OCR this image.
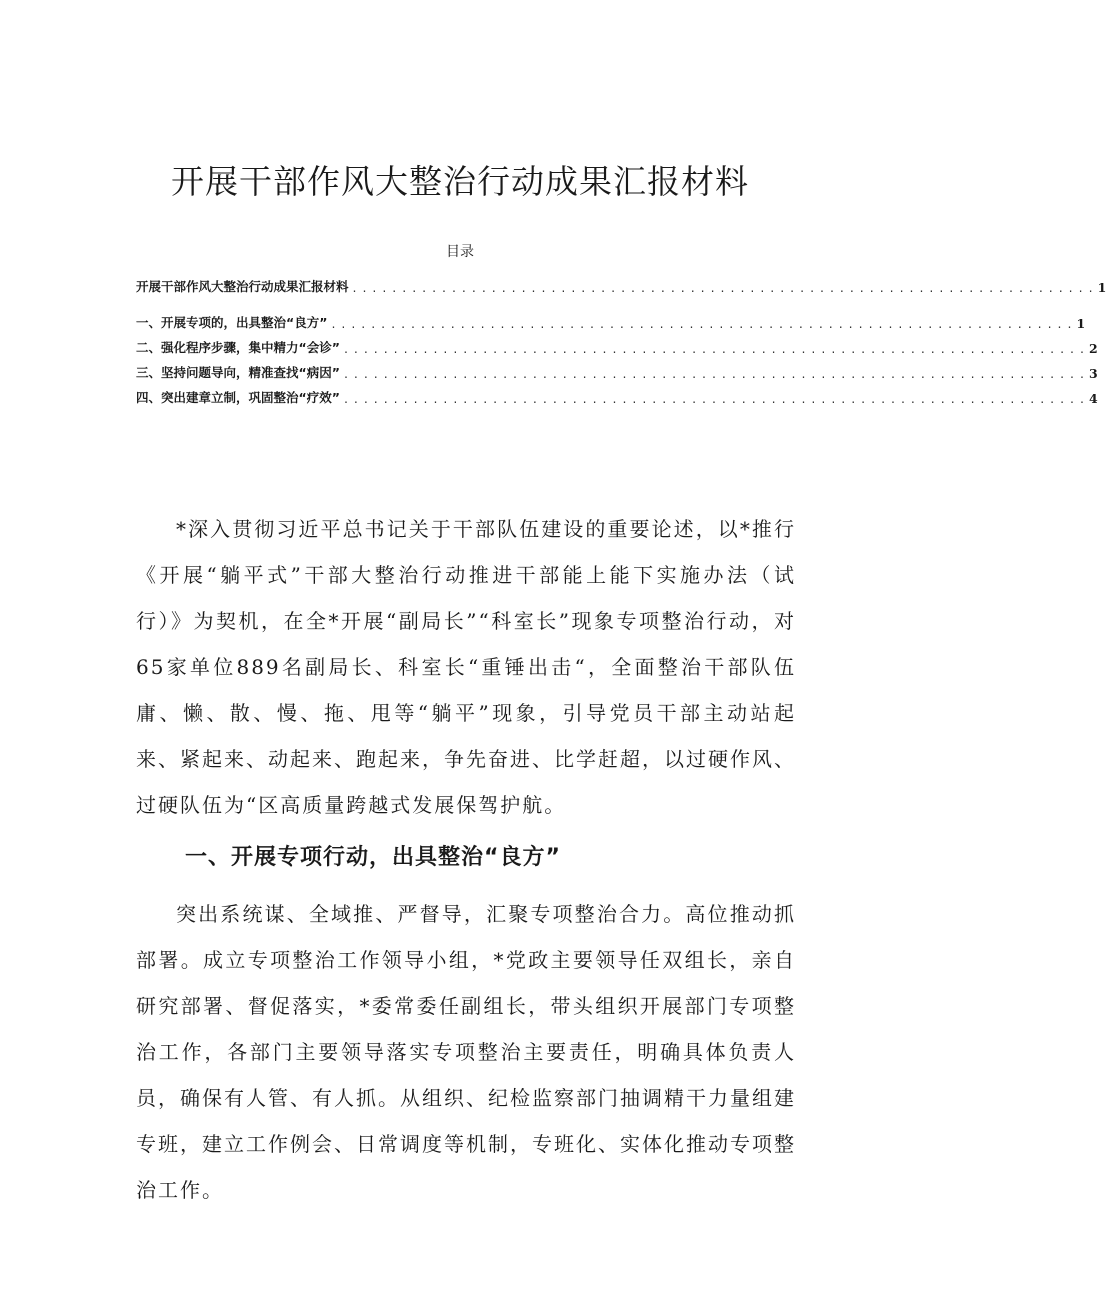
开展干部作风大整治行动成果汇报材料
目录
开展干部作风大整治行动成果汇报材料 . . . . . . . . . . . . . . . . . . . . . . . . . . . . . . . . . . . . . . . . . . . . . . . . . . . . . . . . . . . . . . . . . . . . . . . . . . . 1
一、开展专项的，出具整治“良方” . . . . . . . . . . . . . . . . . . . . . . . . . . . . . . . . . . . . . . . . . . . . . . . . . . . . . . . . . . . . . . . . . . . . . . . . . . . 1
二、强化程序步骤，集中精力“会诊” . . . . . . . . . . . . . . . . . . . . . . . . . . . . . . . . . . . . . . . . . . . . . . . . . . . . . . . . . . . . . . . . . . . . . . . . . . . 2
三、坚持问题导向，精准查找“病因” . . . . . . . . . . . . . . . . . . . . . . . . . . . . . . . . . . . . . . . . . . . . . . . . . . . . . . . . . . . . . . . . . . . . . . . . . . . 3
四、突出建章立制，巩固整治“疗效” . . . . . . . . . . . . . . . . . . . . . . . . . . . . . . . . . . . . . . . . . . . . . . . . . . . . . . . . . . . . . . . . . . . . . . . . . . . 4

*深入贯彻习近平总书记关于干部队伍建设的重要论述，以*推行《开展“躺平式”干部大整治行动推进干部能上能下实施办法（试行）》为契机，在全*开展“副局长”“科室长”现象专项整治行动，对65家单位889名副局长、科室长“重锤出击“，全面整治干部队伍庸、懒、散、慢、拖、甩等“躺平”现象，引导党员干部主动站起来、紧起来、动起来、跑起来，争先奋进、比学赶超，以过硬作风、过硬队伍为“区高质量跨越式发展保驾护航。

一、开展专项行动，出具整治“良方”

突出系统谋、全域推、严督导，汇聚专项整治合力。高位推动抓部署。成立专项整治工作领导小组，*党政主要领导任双组长，亲自研究部署、督促落实，*委常委任副组长，带头组织开展部门专项整治工作，各部门主要领导落实专项整治主要责任，明确具体负责人员，确保有人管、有人抓。从组织、纪检监察部门抽调精干力量组建专班，建立工作例会、日常调度等机制，专班化、实体化推动专项整治工作。
